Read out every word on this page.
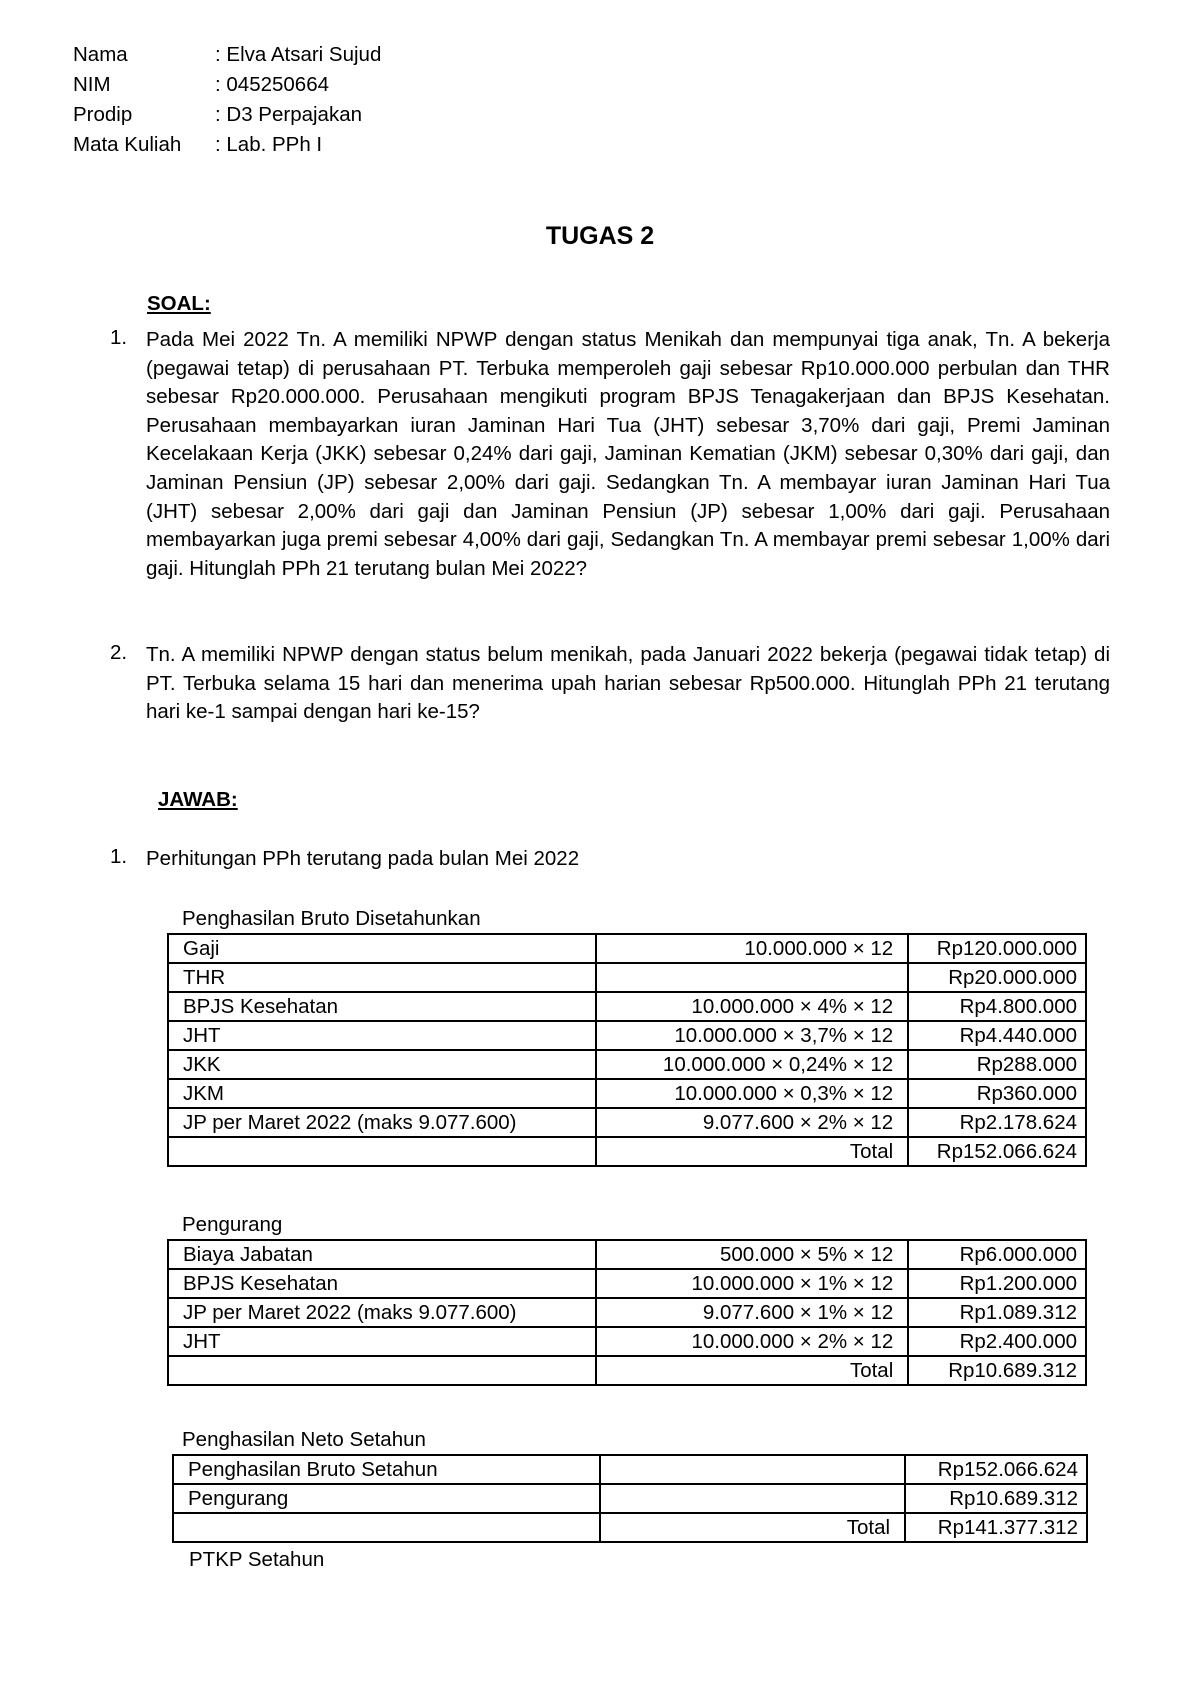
Nama	: Elva Atsari Sujud
NIM	: 045250664
Prodip	: D3 Perpajakan
Mata Kuliah : Lab. PPh I
TUGAS 2
SOAL:
1. Pada Mei 2022 Tn. A memiliki NPWP dengan status Menikah dan mempunyai tiga anak, Tn. A bekerja (pegawai tetap) di perusahaan PT. Terbuka memperoleh gaji sebesar Rp10.000.000 perbulan dan THR sebesar Rp20.000.000. Perusahaan mengikuti program BPJS Tenagakerjaan dan BPJS Kesehatan. Perusahaan membayarkan iuran Jaminan Hari Tua (JHT) sebesar 3,70% dari gaji, Premi Jaminan Kecelakaan Kerja (JKK) sebesar 0,24% dari gaji, Jaminan Kematian (JKM) sebesar 0,30% dari gaji, dan Jaminan Pensiun (JP) sebesar 2,00% dari gaji. Sedangkan Tn. A membayar iuran Jaminan Hari Tua (JHT) sebesar 2,00% dari gaji dan Jaminan Pensiun (JP) sebesar 1,00% dari gaji. Perusahaan membayarkan juga premi sebesar 4,00% dari gaji, Sedangkan Tn. A membayar premi sebesar 1,00% dari gaji. Hitunglah PPh 21 terutang bulan Mei 2022?
2. Tn. A memiliki NPWP dengan status belum menikah, pada Januari 2022 bekerja (pegawai tidak tetap) di PT. Terbuka selama 15 hari dan menerima upah harian sebesar Rp500.000. Hitunglah PPh 21 terutang hari ke-1 sampai dengan hari ke-15?
JAWAB:
1. Perhitungan PPh terutang pada bulan Mei 2022
Penghasilan Bruto Disetahunkan
Gaji	10.000.000 × 12	Rp120.000.000
THR		Rp20.000.000
BPJS Kesehatan	10.000.000 × 4% × 12	Rp4.800.000
JHT	10.000.000 × 3,7% × 12	Rp4.440.000
JKK	10.000.000 × 0,24% × 12	Rp288.000
JKM	10.000.000 × 0,3% × 12	Rp360.000
JP per Maret 2022 (maks 9.077.600)	9.077.600 × 2% × 12	Rp2.178.624
	Total	Rp152.066.624
Pengurang
Biaya Jabatan	500.000 × 5% × 12	Rp6.000.000
BPJS Kesehatan	10.000.000 × 1% × 12	Rp1.200.000
JP per Maret 2022 (maks 9.077.600)	9.077.600 × 1% × 12	Rp1.089.312
JHT	10.000.000 × 2% × 12	Rp2.400.000
	Total	Rp10.689.312
Penghasilan Neto Setahun
Penghasilan Bruto Setahun		Rp152.066.624
Pengurang		Rp10.689.312
	Total	Rp141.377.312
PTKP Setahun
